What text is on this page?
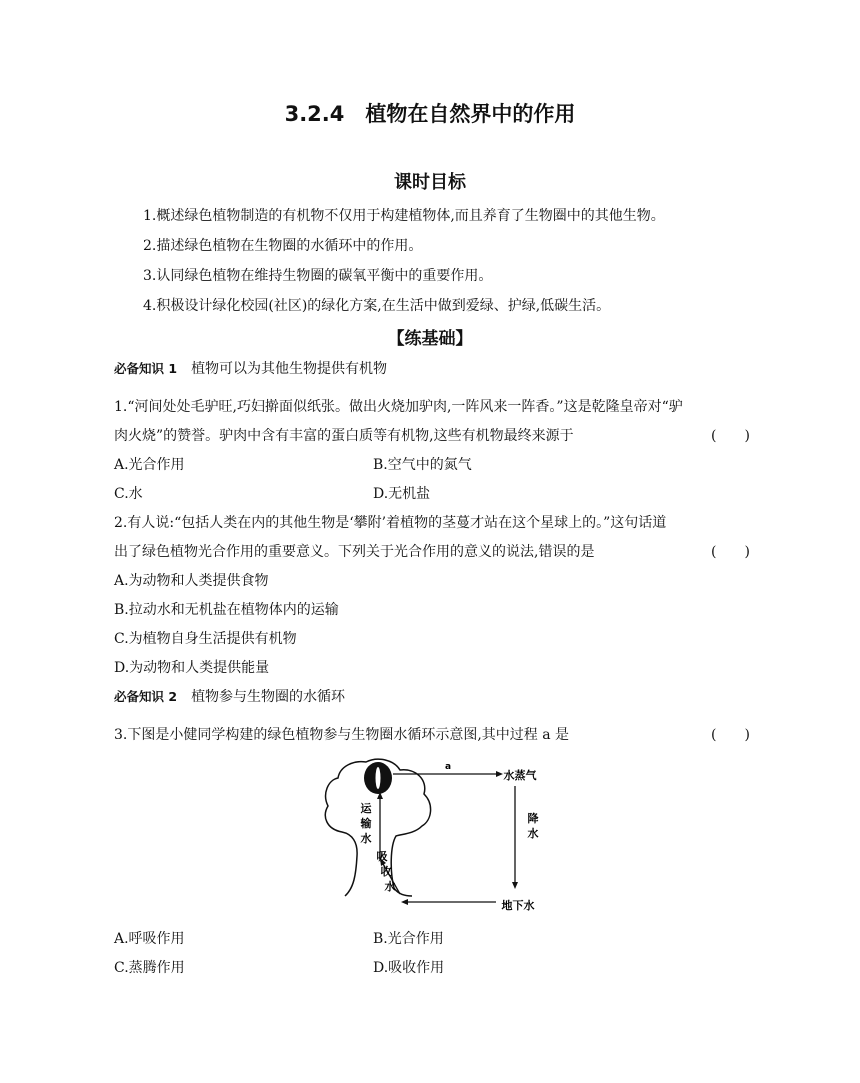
3.2.4　植物在自然界中的作用
课时目标
1.概述绿色植物制造的有机物不仅用于构建植物体,而且养育了生物圈中的其他生物。
2.描述绿色植物在生物圈的水循环中的作用。
3.认同绿色植物在维持生物圈的碳氧平衡中的重要作用。
4.积极设计绿化校园(社区)的绿化方案,在生活中做到爱绿、护绿,低碳生活。
【练基础】
必备知识 1 植物可以为其他生物提供有机物
1.“河间处处毛驴旺,巧妇擀面似纸张。做出火烧加驴肉,一阵风来一阵香。”这是乾隆皇帝对“驴
肉火烧”的赞誉。驴肉中含有丰富的蛋白质等有机物,这些有机物最终来源于	(　　)
A.光合作用	B.空气中的氮气
C.水	D.无机盐
2.有人说:“包括人类在内的其他生物是‘攀附’着植物的茎蔓才站在这个星球上的。”这句话道
出了绿色植物光合作用的重要意义。下列关于光合作用的意义的说法,错误的是	(　　)
A.为动物和人类提供食物
B.拉动水和无机盐在植物体内的运输
C.为植物自身生活提供有机物
D.为动物和人类提供能量
必备知识 2 植物参与生物圈的水循环
3.下图是小健同学构建的绿色植物参与生物圈水循环示意图,其中过程 a 是	(　　)
a
水蒸气
降
水
地下水
运
输
水
吸
收
水
A.呼吸作用	B.光合作用
C.蒸腾作用	D.吸收作用
